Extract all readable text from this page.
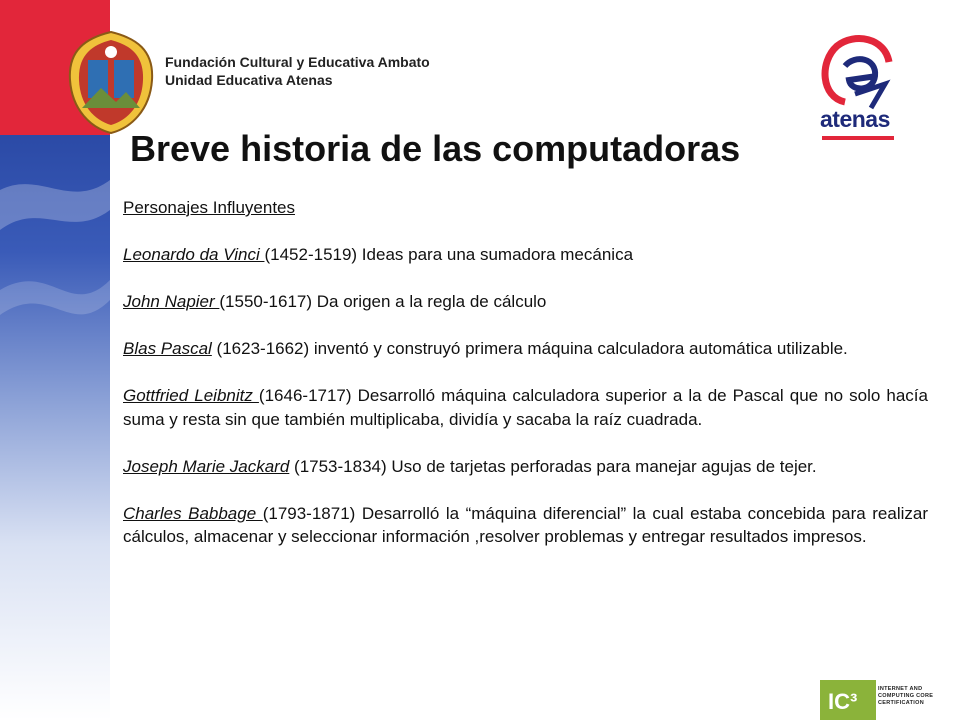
Fundación Cultural y Educativa Ambato
Unidad Educativa Atenas
atenas
Breve historia de las computadoras

Personajes Influyentes

Leonardo da Vinci (1452-1519) Ideas para una sumadora mecánica

John Napier (1550-1617) Da origen a la regla de cálculo

Blas Pascal (1623-1662) inventó y construyó primera máquina calculadora automática utilizable.

Gottfried Leibnitz (1646-1717) Desarrolló máquina calculadora superior a la de Pascal que no solo hacía suma y resta sin que también multiplicaba, dividía y sacaba la raíz cuadrada.

Joseph Marie Jackard (1753-1834) Uso de tarjetas perforadas para manejar agujas de tejer.

Charles Babbage (1793-1871) Desarrolló la “máquina diferencial” la cual estaba concebida para realizar cálculos, almacenar y seleccionar información ,resolver problemas y entregar resultados impresos.

IC³	INTERNET AND
COMPUTING CORE
CERTIFICATION
